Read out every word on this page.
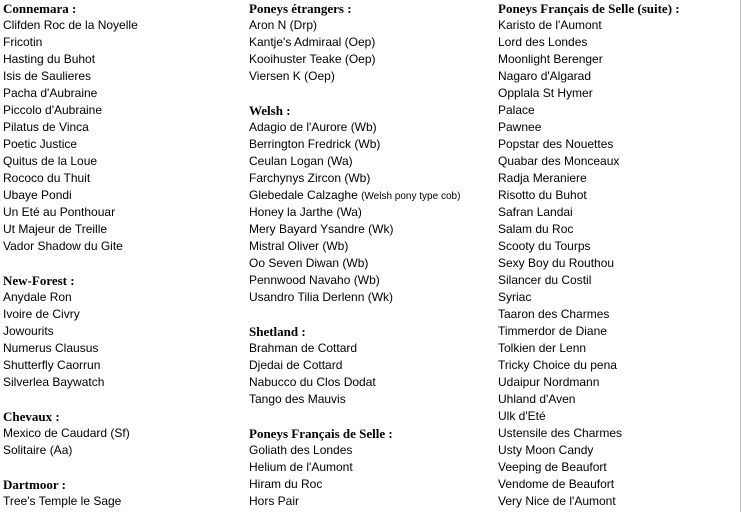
Connemara :
Clifden Roc de la Noyelle
Fricotin
Hasting du Buhot
Isis de Saulieres
Pacha d'Aubraine
Piccolo d'Aubraine
Pilatus de Vinca
Poetic Justice
Quitus de la Loue
Rococo du Thuit
Ubaye Pondi
Un Eté au Ponthouar
Ut Majeur de Treille
Vador Shadow du Gite
New-Forest :
Anydale Ron
Ivoire de Civry
Jowourits
Numerus Clausus
Shutterfly Caorrun
Silverlea Baywatch
Chevaux :
Mexico de Caudard (Sf)
Solitaire (Aa)
Dartmoor :
Tree's Temple le Sage
Poneys étrangers :
Aron N (Drp)
Kantje's Admiraal (Oep)
Kooihuster Teake (Oep)
Viersen K (Oep)
Welsh :
Adagio de l'Aurore (Wb)
Berrington Fredrick (Wb)
Ceulan Logan (Wa)
Farchynys Zircon (Wb)
Glebedale Calzaghe (Welsh pony type cob)
Honey la Jarthe (Wa)
Mery Bayard Ysandre (Wk)
Mistral Oliver (Wb)
Oo Seven Diwan (Wb)
Pennwood Navaho (Wb)
Usandro Tilia Derlenn (Wk)
Shetland :
Brahman de Cottard
Djedai de Cottard
Nabucco du Clos Dodat
Tango des Mauvis
Poneys Français de Selle :
Goliath des Londes
Helium de l'Aumont
Hiram du Roc
Hors Pair
Poneys Français de Selle (suite) :
Karisto de l'Aumont
Lord des Londes
Moonlight Berenger
Nagaro d'Algarad
Opplala St Hymer
Palace
Pawnee
Popstar des Nouettes
Quabar des Monceaux
Radja Meraniere
Risotto du Buhot
Safran Landai
Salam du Roc
Scooty du Tourps
Sexy Boy du Routhou
Silancer du Costil
Syriac
Taaron des Charmes
Timmerdor de Diane
Tolkien der Lenn
Tricky Choice du pena
Udaipur Nordmann
Uhland d'Aven
Ulk d'Eté
Ustensile des Charmes
Usty Moon Candy
Veeping de Beaufort
Vendome de Beaufort
Very Nice de l'Aumont
